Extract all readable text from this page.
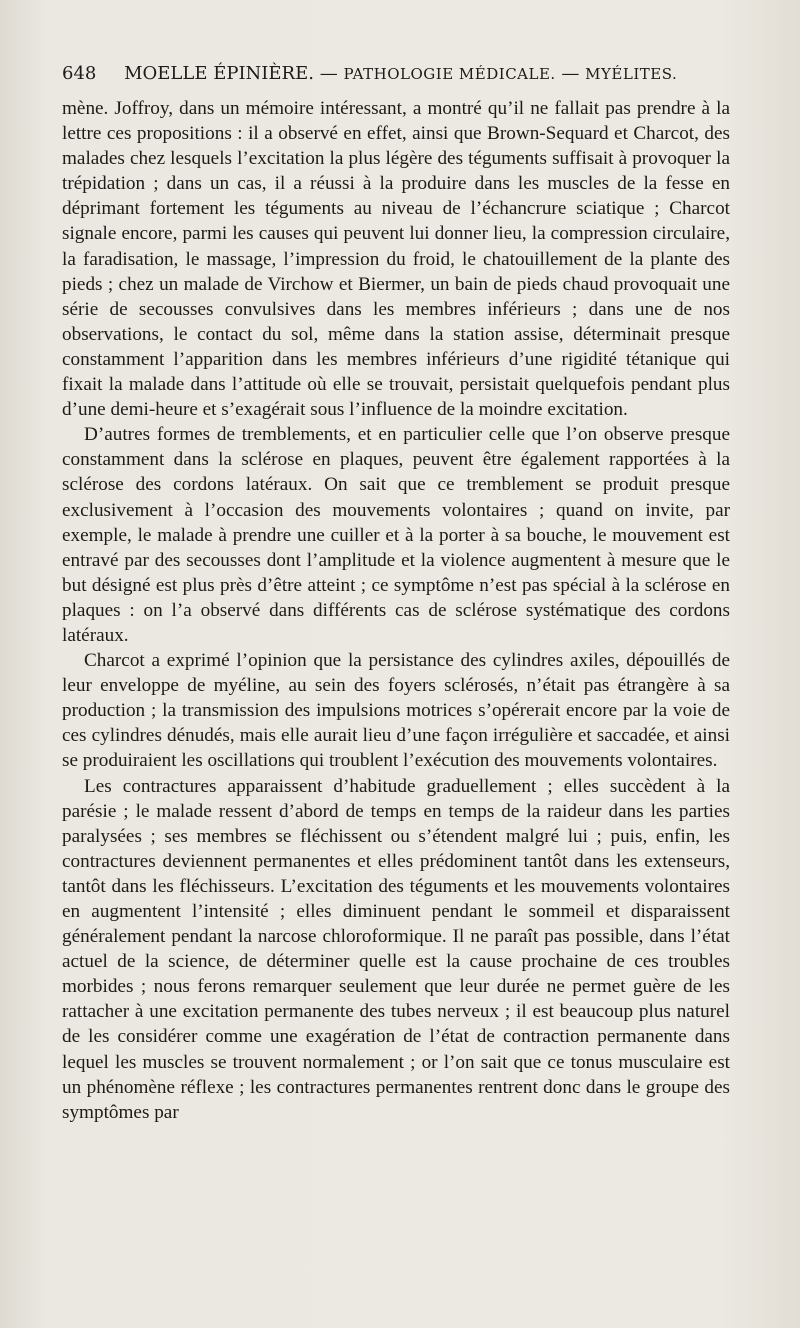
648 MOELLE ÉPINIÈRE. — PATHOLOGIE MÉDICALE. — MYÉLITES.

mène. Joffroy, dans un mémoire intéressant, a montré qu’il ne fallait pas prendre à la lettre ces propositions : il a observé en effet, ainsi que Brown-Sequard et Charcot, des malades chez lesquels l’excitation la plus légère des téguments suffisait à provoquer la trépidation ; dans un cas, il a réussi à la produire dans les muscles de la fesse en déprimant fortement les téguments au niveau de l’échancrure sciatique ; Charcot signale encore, parmi les causes qui peuvent lui donner lieu, la compression circulaire, la faradisation, le massage, l’impression du froid, le chatouillement de la plante des pieds ; chez un malade de Virchow et Biermer, un bain de pieds chaud provoquait une série de secousses convulsives dans les membres inférieurs ; dans une de nos observations, le contact du sol, même dans la station assise, déterminait presque constamment l’apparition dans les membres inférieurs d’une rigidité tétanique qui fixait la malade dans l’attitude où elle se trouvait, persistait quelquefois pendant plus d’une demi-heure et s’exagérait sous l’influence de la moindre excitation.

D’autres formes de tremblements, et en particulier celle que l’on observe presque constamment dans la sclérose en plaques, peuvent être également rapportées à la sclérose des cordons latéraux. On sait que ce tremblement se produit presque exclusivement à l’occasion des mouvements volontaires ; quand on invite, par exemple, le malade à prendre une cuiller et à la porter à sa bouche, le mouvement est entravé par des secousses dont l’amplitude et la violence augmentent à mesure que le but désigné est plus près d’être atteint ; ce symptôme n’est pas spécial à la sclérose en plaques : on l’a observé dans différents cas de sclérose systématique des cordons latéraux.

Charcot a exprimé l’opinion que la persistance des cylindres axiles, dépouillés de leur enveloppe de myéline, au sein des foyers sclérosés, n’était pas étrangère à sa production ; la transmission des impulsions motrices s’opérerait encore par la voie de ces cylindres dénudés, mais elle aurait lieu d’une façon irrégulière et saccadée, et ainsi se produiraient les oscillations qui troublent l’exécution des mouvements volontaires.

Les contractures apparaissent d’habitude graduellement ; elles succèdent à la parésie ; le malade ressent d’abord de temps en temps de la raideur dans les parties paralysées ; ses membres se fléchissent ou s’étendent malgré lui ; puis, enfin, les contractures deviennent permanentes et elles prédominent tantôt dans les extenseurs, tantôt dans les fléchisseurs. L’excitation des téguments et les mouvements volontaires en augmentent l’intensité ; elles diminuent pendant le sommeil et disparaissent généralement pendant la narcose chloroformique. Il ne paraît pas possible, dans l’état actuel de la science, de déterminer quelle est la cause prochaine de ces troubles morbides ; nous ferons remarquer seulement que leur durée ne permet guère de les rattacher à une excitation permanente des tubes nerveux ; il est beaucoup plus naturel de les considérer comme une exagération de l’état de contraction permanente dans lequel les muscles se trouvent normalement ; or l’on sait que ce tonus musculaire est un phénomène réflexe ; les contractures permanentes rentrent donc dans le groupe des symptômes par
